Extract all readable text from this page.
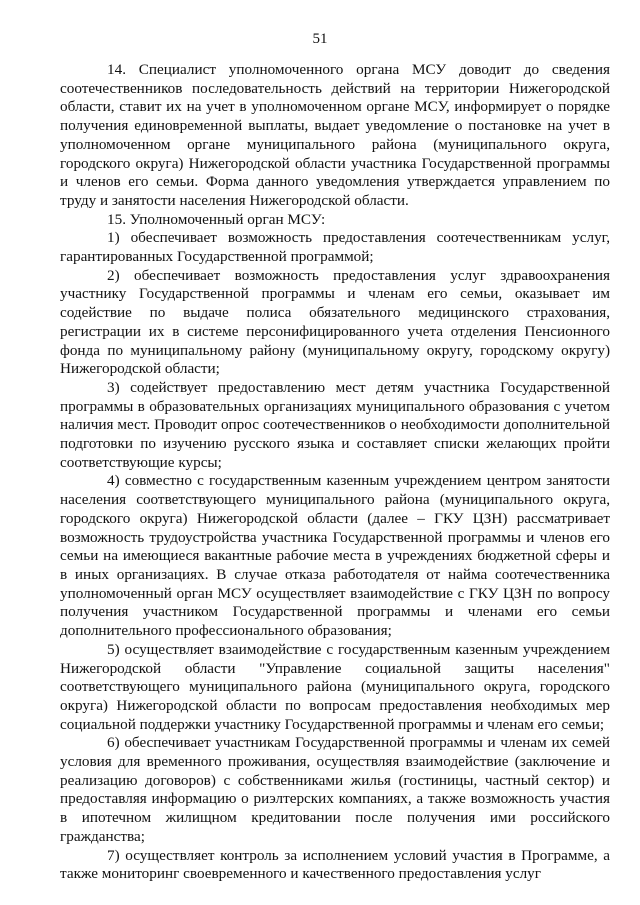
51

14. Специалист уполномоченного органа МСУ доводит до сведения соотечественников последовательность действий на территории Нижегородской области, ставит их на учет в уполномоченном органе МСУ, информирует о порядке получения единовременной выплаты, выдает уведомление о постановке на учет в уполномоченном органе муниципального района (муниципального округа, городского округа) Нижегородской области участника Государственной программы и членов его семьи. Форма данного уведомления утверждается управлением по труду и занятости населения Нижегородской области.

15. Уполномоченный орган МСУ:

1) обеспечивает возможность предоставления соотечественникам услуг, гарантированных Государственной программой;

2) обеспечивает возможность предоставления услуг здравоохранения участнику Государственной программы и членам его семьи, оказывает им содействие по выдаче полиса обязательного медицинского страхования, регистрации их в системе персонифицированного учета отделения Пенсионного фонда по муниципальному району (муниципальному округу, городскому округу) Нижегородской области;

3) содействует предоставлению мест детям участника Государственной программы в образовательных организациях муниципального образования с учетом наличия мест. Проводит опрос соотечественников о необходимости дополнительной подготовки по изучению русского языка и составляет списки желающих пройти соответствующие курсы;

4) совместно с государственным казенным учреждением центром занятости населения соответствующего муниципального района (муниципального округа, городского округа) Нижегородской области (далее – ГКУ ЦЗН) рассматривает возможность трудоустройства участника Государственной программы и членов его семьи на имеющиеся вакантные рабочие места в учреждениях бюджетной сферы и в иных организациях. В случае отказа работодателя от найма соотечественника уполномоченный орган МСУ осуществляет взаимодействие с ГКУ ЦЗН по вопросу получения участником Государственной программы и членами его семьи дополнительного профессионального образования;

5) осуществляет взаимодействие с государственным казенным учреждением Нижегородской области "Управление социальной защиты населения" соответствующего муниципального района (муниципального округа, городского округа) Нижегородской области по вопросам предоставления необходимых мер социальной поддержки участнику Государственной программы и членам его семьи;

6) обеспечивает участникам Государственной программы и членам их семей условия для временного проживания, осуществляя взаимодействие (заключение и реализацию договоров) с собственниками жилья (гостиницы, частный сектор) и предоставляя информацию о риэлтерских компаниях, а также возможность участия в ипотечном жилищном кредитовании после получения ими российского гражданства;

7) осуществляет контроль за исполнением условий участия в Программе, а также мониторинг своевременного и качественного предоставления услуг
